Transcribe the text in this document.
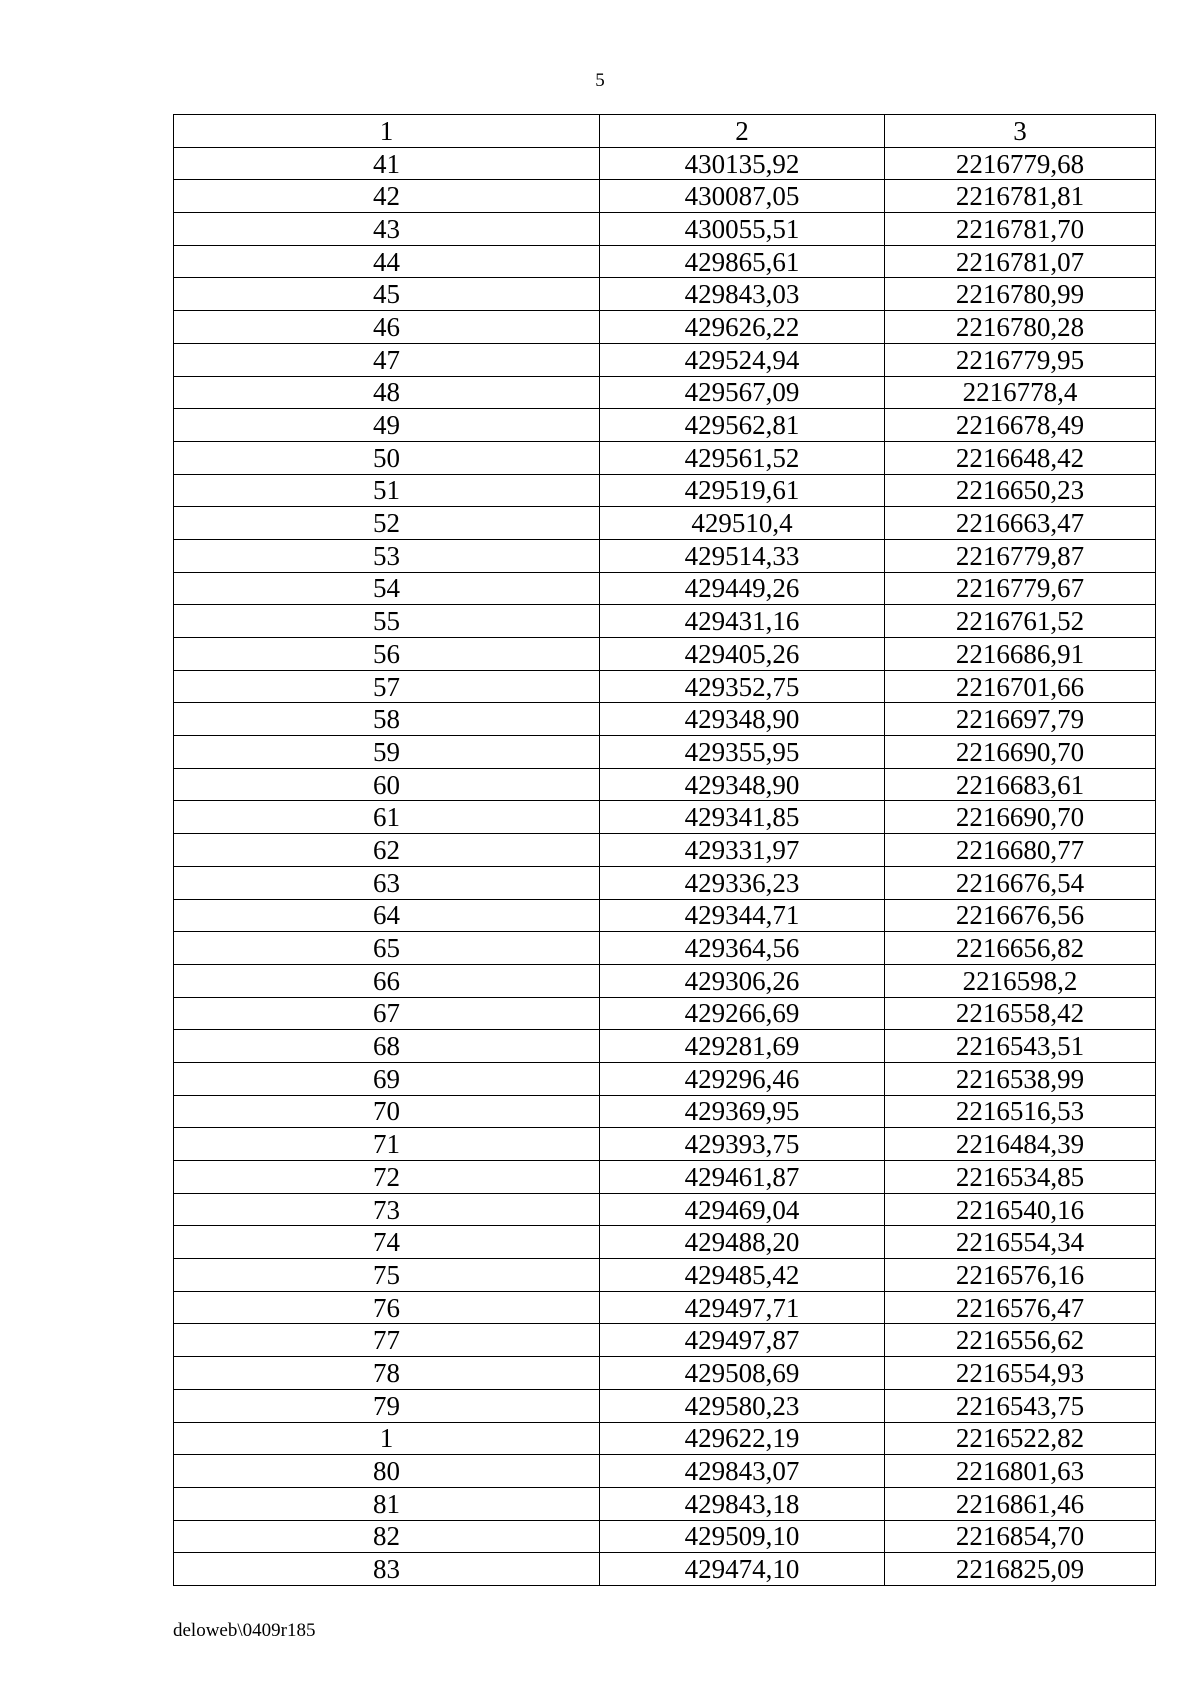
5
1	2	3
41	430135,92	2216779,68
42	430087,05	2216781,81
43	430055,51	2216781,70
44	429865,61	2216781,07
45	429843,03	2216780,99
46	429626,22	2216780,28
47	429524,94	2216779,95
48	429567,09	2216778,4
49	429562,81	2216678,49
50	429561,52	2216648,42
51	429519,61	2216650,23
52	429510,4	2216663,47
53	429514,33	2216779,87
54	429449,26	2216779,67
55	429431,16	2216761,52
56	429405,26	2216686,91
57	429352,75	2216701,66
58	429348,90	2216697,79
59	429355,95	2216690,70
60	429348,90	2216683,61
61	429341,85	2216690,70
62	429331,97	2216680,77
63	429336,23	2216676,54
64	429344,71	2216676,56
65	429364,56	2216656,82
66	429306,26	2216598,2
67	429266,69	2216558,42
68	429281,69	2216543,51
69	429296,46	2216538,99
70	429369,95	2216516,53
71	429393,75	2216484,39
72	429461,87	2216534,85
73	429469,04	2216540,16
74	429488,20	2216554,34
75	429485,42	2216576,16
76	429497,71	2216576,47
77	429497,87	2216556,62
78	429508,69	2216554,93
79	429580,23	2216543,75
1	429622,19	2216522,82
80	429843,07	2216801,63
81	429843,18	2216861,46
82	429509,10	2216854,70
83	429474,10	2216825,09
deloweb\0409r185
